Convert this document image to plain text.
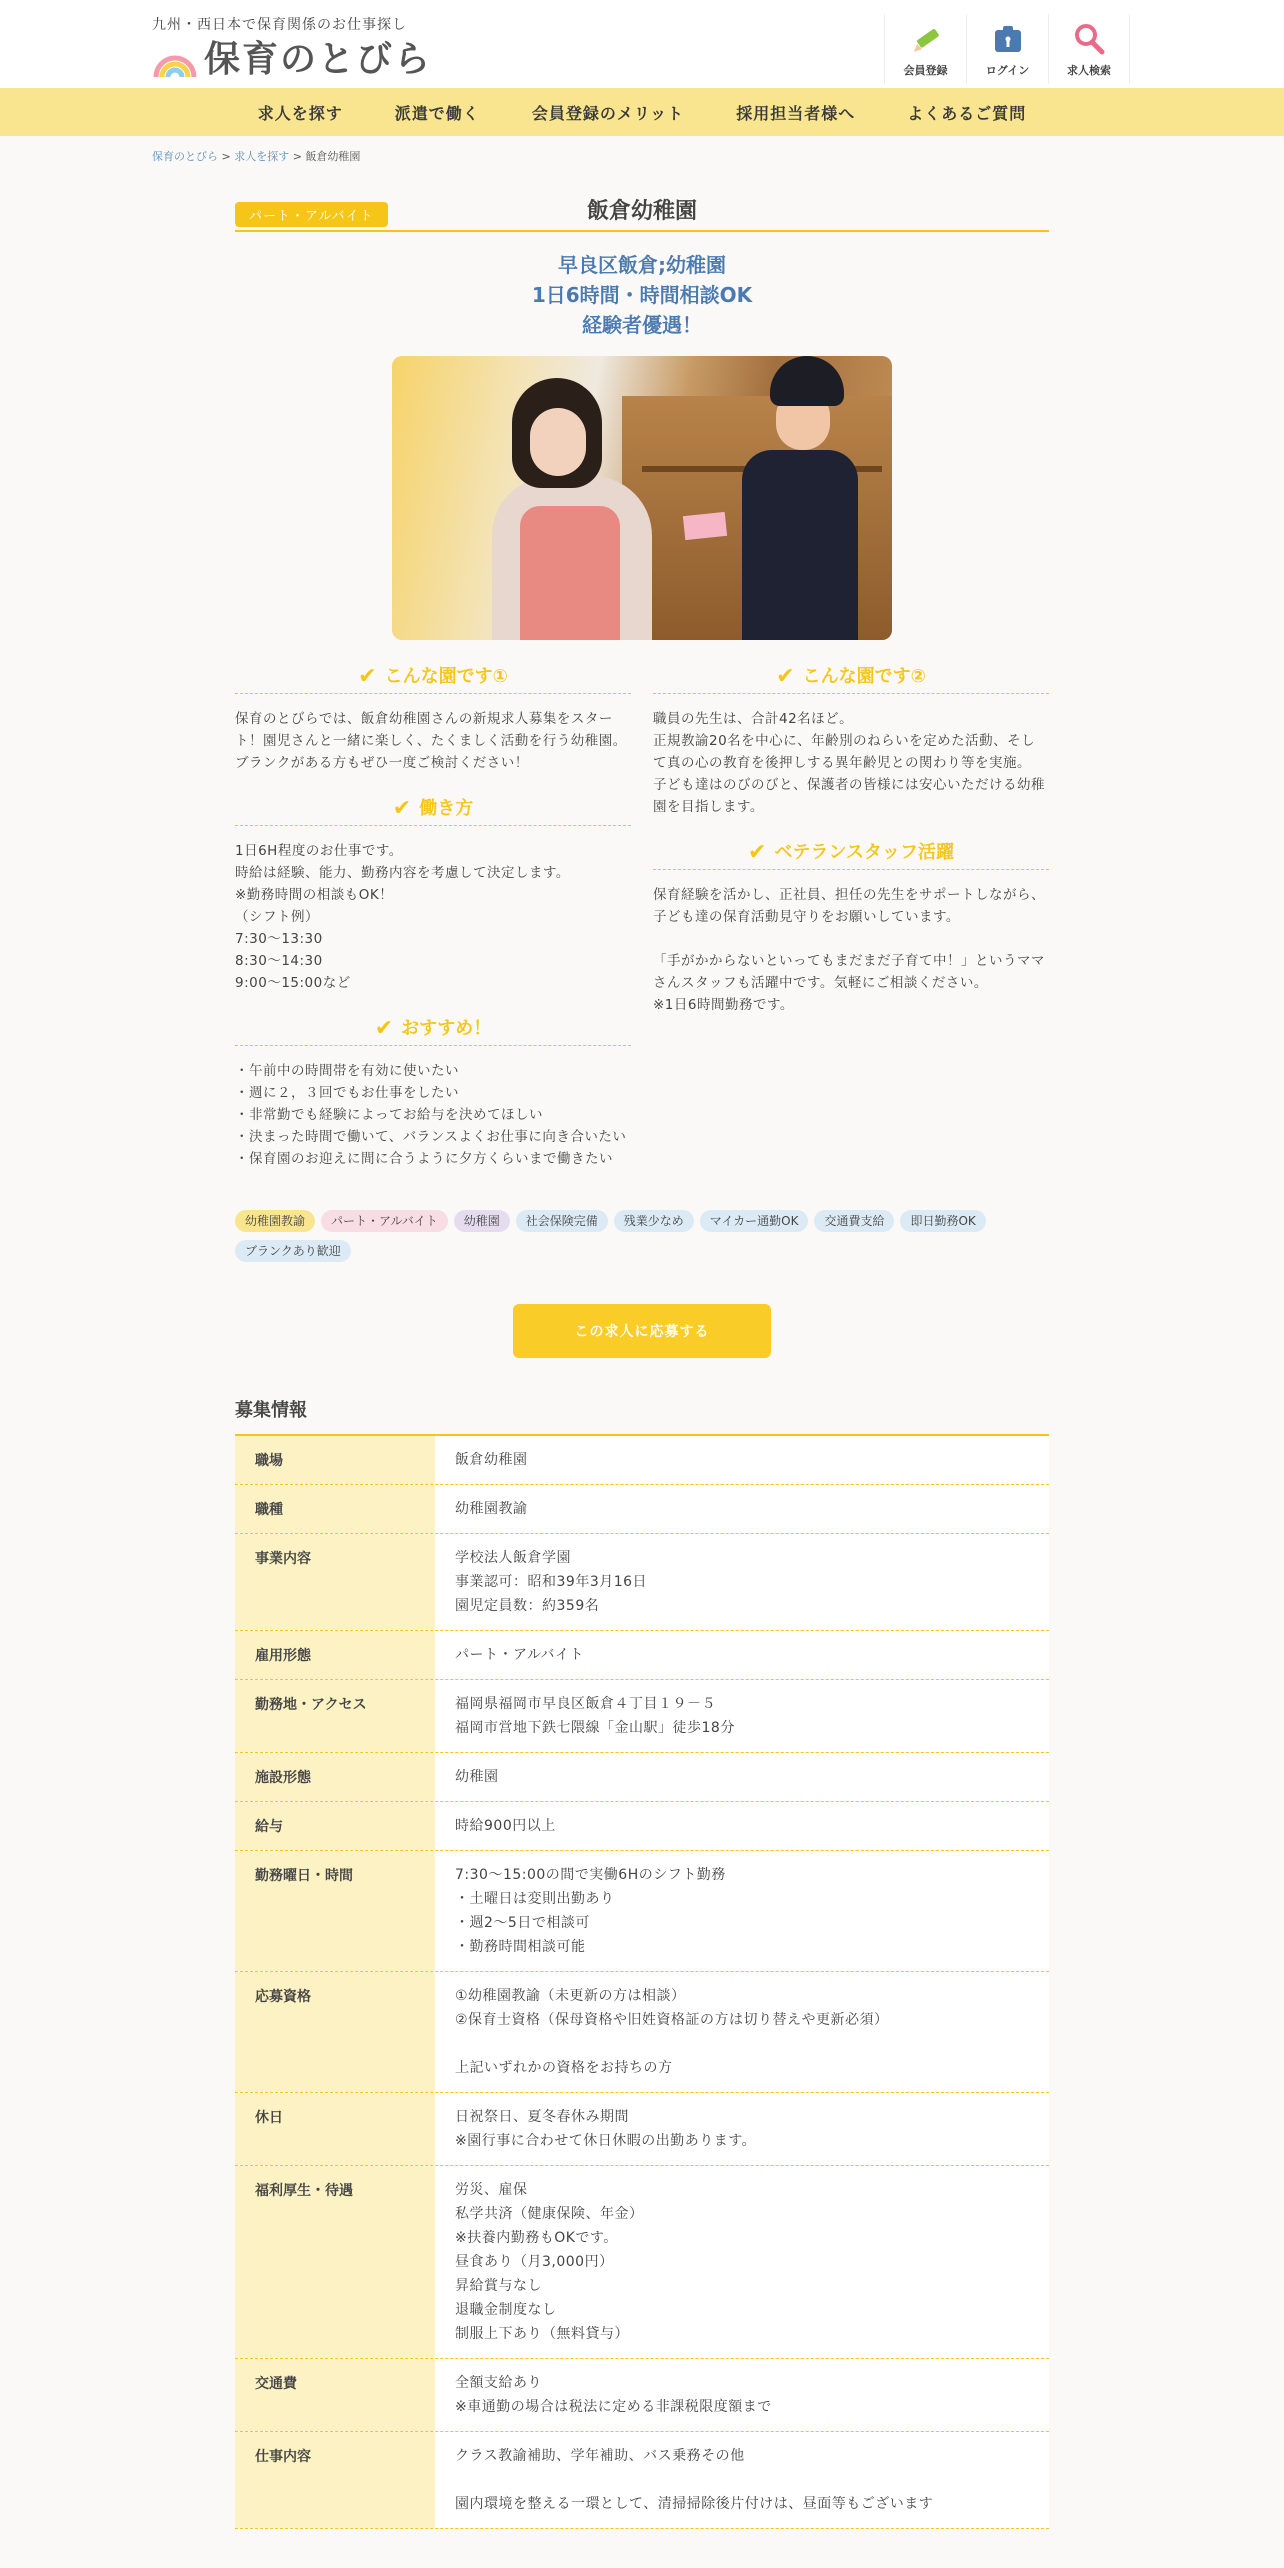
九州・西日本で保育関係のお仕事探し
保育のとびら	会員登録	ログイン	求人検索
求人を探す	派遣で働く	会員登録のメリット	採用担当者様へ	よくあるご質問
保育のとびら > 求人を探す > 飯倉幼稚園
パート・アルバイト	飯倉幼稚園
早良区飯倉;幼稚園
1日6時間・時間相談OK
経験者優遇！
✔ こんな園です①
保育のとびらでは、飯倉幼稚園さんの新規求人募集をスタート！園児さんと一緒に楽しく、たくましく活動を行う幼稚園。
ブランクがある方もぜひ一度ご検討ください！
✔ 働き方
1日6H程度のお仕事です。
時給は経験、能力、勤務内容を考慮して決定します。
※勤務時間の相談もOK！
（シフト例）
7:30～13:30
8:30～14:30
9:00～15:00など
✔ おすすめ！
・午前中の時間帯を有効に使いたい
・週に２，３回でもお仕事をしたい
・非常勤でも経験によってお給与を決めてほしい
・決まった時間で働いて、バランスよくお仕事に向き合いたい
・保育園のお迎えに間に合うように夕方くらいまで働きたい
✔ こんな園です②
職員の先生は、合計42名ほど。
正規教諭20名を中心に、年齢別のねらいを定めた活動、そして真の心の教育を後押しする異年齢児との関わり等を実施。
子ども達はのびのびと、保護者の皆様には安心いただける幼稚園を目指します。
✔ ベテランスタッフ活躍
保育経験を活かし、正社員、担任の先生をサポートしながら、子ども達の保育活動見守りをお願いしています。

「手がかからないといってもまだまだ子育て中！」というママさんスタッフも活躍中です。気軽にご相談ください。
※1日6時間勤務です。
幼稚園教諭	パート・アルバイト	幼稚園	社会保険完備	残業少なめ	マイカー通勤OK	交通費支給	即日勤務OK
ブランクあり歓迎
この求人に応募する
募集情報
職場	飯倉幼稚園
職種	幼稚園教諭
事業内容	学校法人飯倉学園
事業認可：昭和39年3月16日
園児定員数：約359名
雇用形態	パート・アルバイト
勤務地・アクセス	福岡県福岡市早良区飯倉４丁目１９－５
福岡市営地下鉄七隈線「金山駅」徒歩18分
施設形態	幼稚園
給与	時給900円以上
勤務曜日・時間	7:30～15:00の間で実働6Hのシフト勤務
・土曜日は変則出勤あり
・週2～5日で相談可
・勤務時間相談可能
応募資格	①幼稚園教諭（未更新の方は相談）
②保育士資格（保母資格や旧姓資格証の方は切り替えや更新必須）

上記いずれかの資格をお持ちの方
休日	日祝祭日、夏冬春休み期間
※園行事に合わせて休日休暇の出勤あります。
福利厚生・待遇	労災、雇保
私学共済（健康保険、年金）
※扶養内勤務もOKです。
昼食あり（月3,000円）
昇給賞与なし
退職金制度なし
制服上下あり（無料貸与）
交通費	全額支給あり
※車通勤の場合は税法に定める非課税限度額まで
仕事内容	クラス教諭補助、学年補助、バス乗務その他

園内環境を整える一環として、清掃掃除後片付けは、昼面等もございます
